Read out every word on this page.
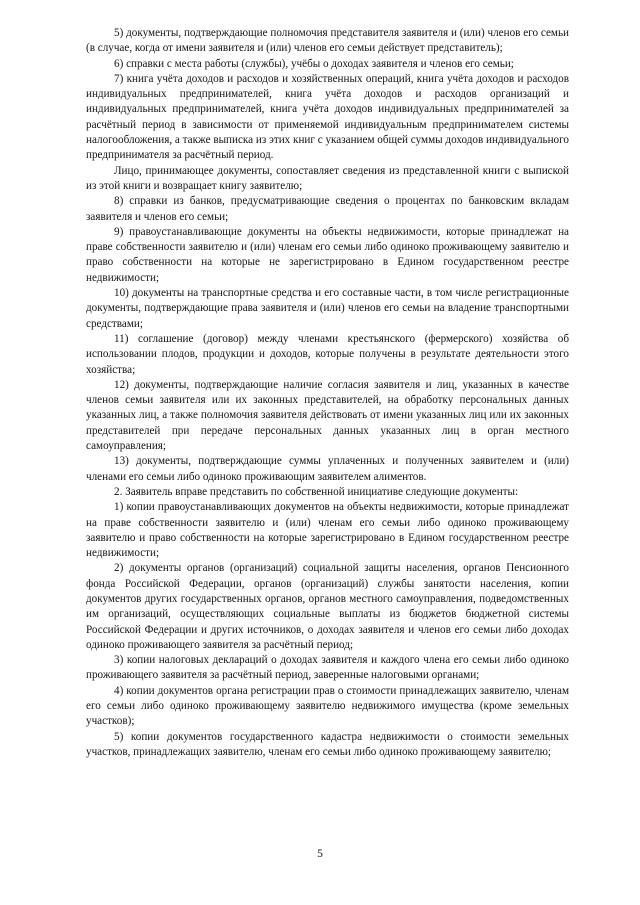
5) документы, подтверждающие полномочия представителя заявителя и (или) членов его семьи (в случае, когда от имени заявителя и (или) членов его семьи действует представитель);

6) справки с места работы (службы), учёбы о доходах заявителя и членов его семьи;

7) книга учёта доходов и расходов и хозяйственных операций, книга учёта доходов и расходов индивидуальных предпринимателей, книга учёта доходов и расходов организаций и индивидуальных предпринимателей, книга учёта доходов индивидуальных предпринимателей за расчётный период в зависимости от применяемой индивидуальным предпринимателем системы налогообложения, а также выписка из этих книг с указанием общей суммы доходов индивидуального предпринимателя за расчётный период.

Лицо, принимающее документы, сопоставляет сведения из представленной книги с выпиской из этой книги и возвращает книгу заявителю;

8) справки из банков, предусматривающие сведения о процентах по банковским вкладам заявителя и членов его семьи;

9) правоустанавливающие документы на объекты недвижимости, которые принадлежат на праве собственности заявителю и (или) членам его семьи либо одиноко проживающему заявителю и право собственности на которые не зарегистрировано в Едином государственном реестре недвижимости;

10) документы на транспортные средства и его составные части, в том числе регистрационные документы, подтверждающие права заявителя и (или) членов его семьи на владение транспортными средствами;

11) соглашение (договор) между членами крестьянского (фермерского) хозяйства об использовании плодов, продукции и доходов, которые получены в результате деятельности этого хозяйства;

12) документы, подтверждающие наличие согласия заявителя и лиц, указанных в качестве членов семьи заявителя или их законных представителей, на обработку персональных данных указанных лиц, а также полномочия заявителя действовать от имени указанных лиц или их законных представителей при передаче персональных данных указанных лиц в орган местного самоуправления;

13) документы, подтверждающие суммы уплаченных и полученных заявителем и (или) членами его семьи либо одиноко проживающим заявителем алиментов.

2. Заявитель вправе представить по собственной инициативе следующие документы:

1) копии правоустанавливающих документов на объекты недвижимости, которые принадлежат на праве собственности заявителю и (или) членам его семьи либо одиноко проживающему заявителю и право собственности на которые зарегистрировано в Едином государственном реестре недвижимости;

2) документы органов (организаций) социальной защиты населения, органов Пенсионного фонда Российской Федерации, органов (организаций) службы занятости населения, копии документов других государственных органов, органов местного самоуправления, подведомственных им организаций, осуществляющих социальные выплаты из бюджетов бюджетной системы Российской Федерации и других источников, о доходах заявителя и членов его семьи либо доходах одиноко проживающего заявителя за расчётный период;

3) копии налоговых деклараций о доходах заявителя и каждого члена его семьи либо одиноко проживающего заявителя за расчётный период, заверенные налоговыми органами;

4) копии документов органа регистрации прав о стоимости принадлежащих заявителю, членам его семьи либо одиноко проживающему заявителю недвижимого имущества (кроме земельных участков);

5) копии документов государственного кадастра недвижимости о стоимости земельных участков, принадлежащих заявителю, членам его семьи либо одиноко проживающему заявителю;

5
